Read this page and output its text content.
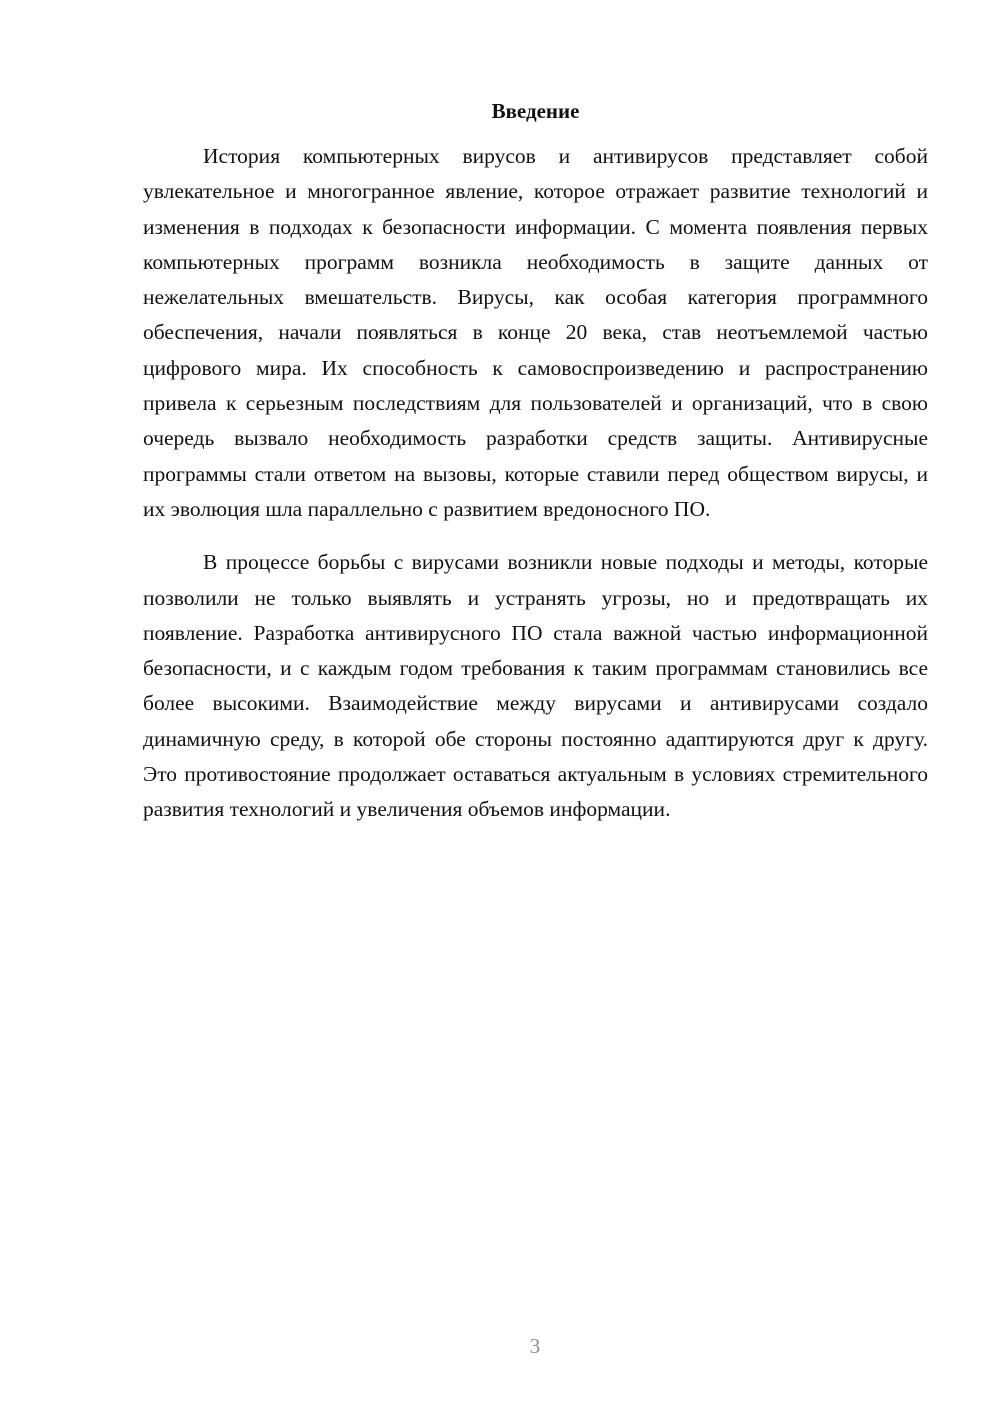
Введение

История компьютерных вирусов и антивирусов представляет собой увлекательное и многогранное явление, которое отражает развитие технологий и изменения в подходах к безопасности информации. С момента появления первых компьютерных программ возникла необходимость в защите данных от нежелательных вмешательств. Вирусы, как особая категория программного обеспечения, начали появляться в конце 20 века, став неотъемлемой частью цифрового мира. Их способность к самовоспроизведению и распространению привела к серьезным последствиям для пользователей и организаций, что в свою очередь вызвало необходимость разработки средств защиты. Антивирусные программы стали ответом на вызовы, которые ставили перед обществом вирусы, и их эволюция шла параллельно с развитием вредоносного ПО.

В процессе борьбы с вирусами возникли новые подходы и методы, которые позволили не только выявлять и устранять угрозы, но и предотвращать их появление. Разработка антивирусного ПО стала важной частью информационной безопасности, и с каждым годом требования к таким программам становились все более высокими. Взаимодействие между вирусами и антивирусами создало динамичную среду, в которой обе стороны постоянно адаптируются друг к другу. Это противостояние продолжает оставаться актуальным в условиях стремительного развития технологий и увеличения объемов информации.

3
